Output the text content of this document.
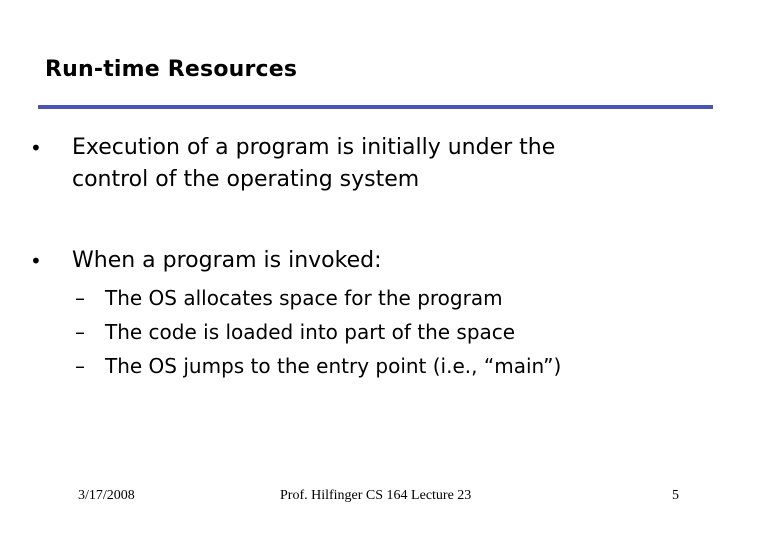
Run-time Resources
• Execution of a program is initially under the
control of the operating system
• When a program is invoked:
– The OS allocates space for the program
– The code is loaded into part of the space
– The OS jumps to the entry point (i.e., “main”)
3/17/2008	Prof. Hilfinger CS 164 Lecture 23	5
